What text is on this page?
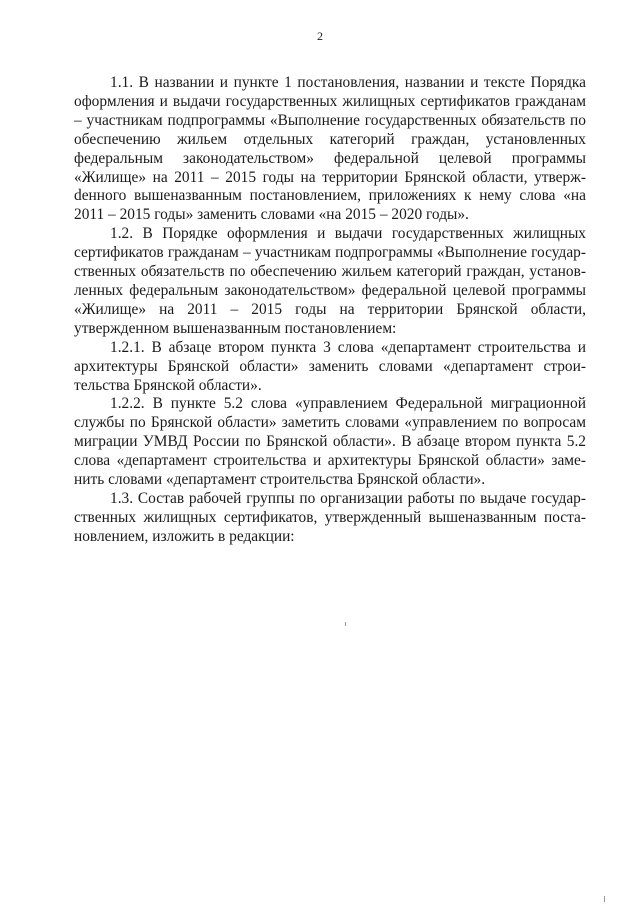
2

1.1. В названии и пункте 1 постановления, названии и тексте Порядка оформления и выдачи государственных жилищных сертификатов гражданам – участникам подпрограммы «Выполнение государственных обязательств по обеспечению жильем отдельных категорий граждан, установленных федеральным законодательством» федеральной целевой программы «Жилище» на 2011 – 2015 годы на территории Брянской области, утвержdенного вышеназванным постановлением, приложениях к нему слова «на 2011 – 2015 годы» заменить словами «на 2015 – 2020 годы».

1.2. В Порядке оформления и выдачи государственных жилищных сертификатов гражданам – участникам подпрограммы «Выполнение государственных обязательств по обеспечению жильем категорий граждан, установленных федеральным законодательством» федеральной целевой программы «Жилище» на 2011 – 2015 годы на территории Брянской области, утвержденном вышеназванным постановлением:

1.2.1. В абзаце втором пункта 3 слова «департамент строительства и архитектуры Брянской области» заменить словами «департамент строительства Брянской области».

1.2.2. В пункте 5.2 слова «управлением Федеральной миграционной службы по Брянской области» заметить словами «управлением по вопросам миграции УМВД России по Брянской области». В абзаце втором пункта 5.2 слова «департамент строительства и архитектуры Брянской области» заменить словами «департамент строительства Брянской области».

1.3. Состав рабочей группы по организации работы по выдаче государственных жилищных сертификатов, утвержденный вышеназванным постановлением, изложить в редакции:
